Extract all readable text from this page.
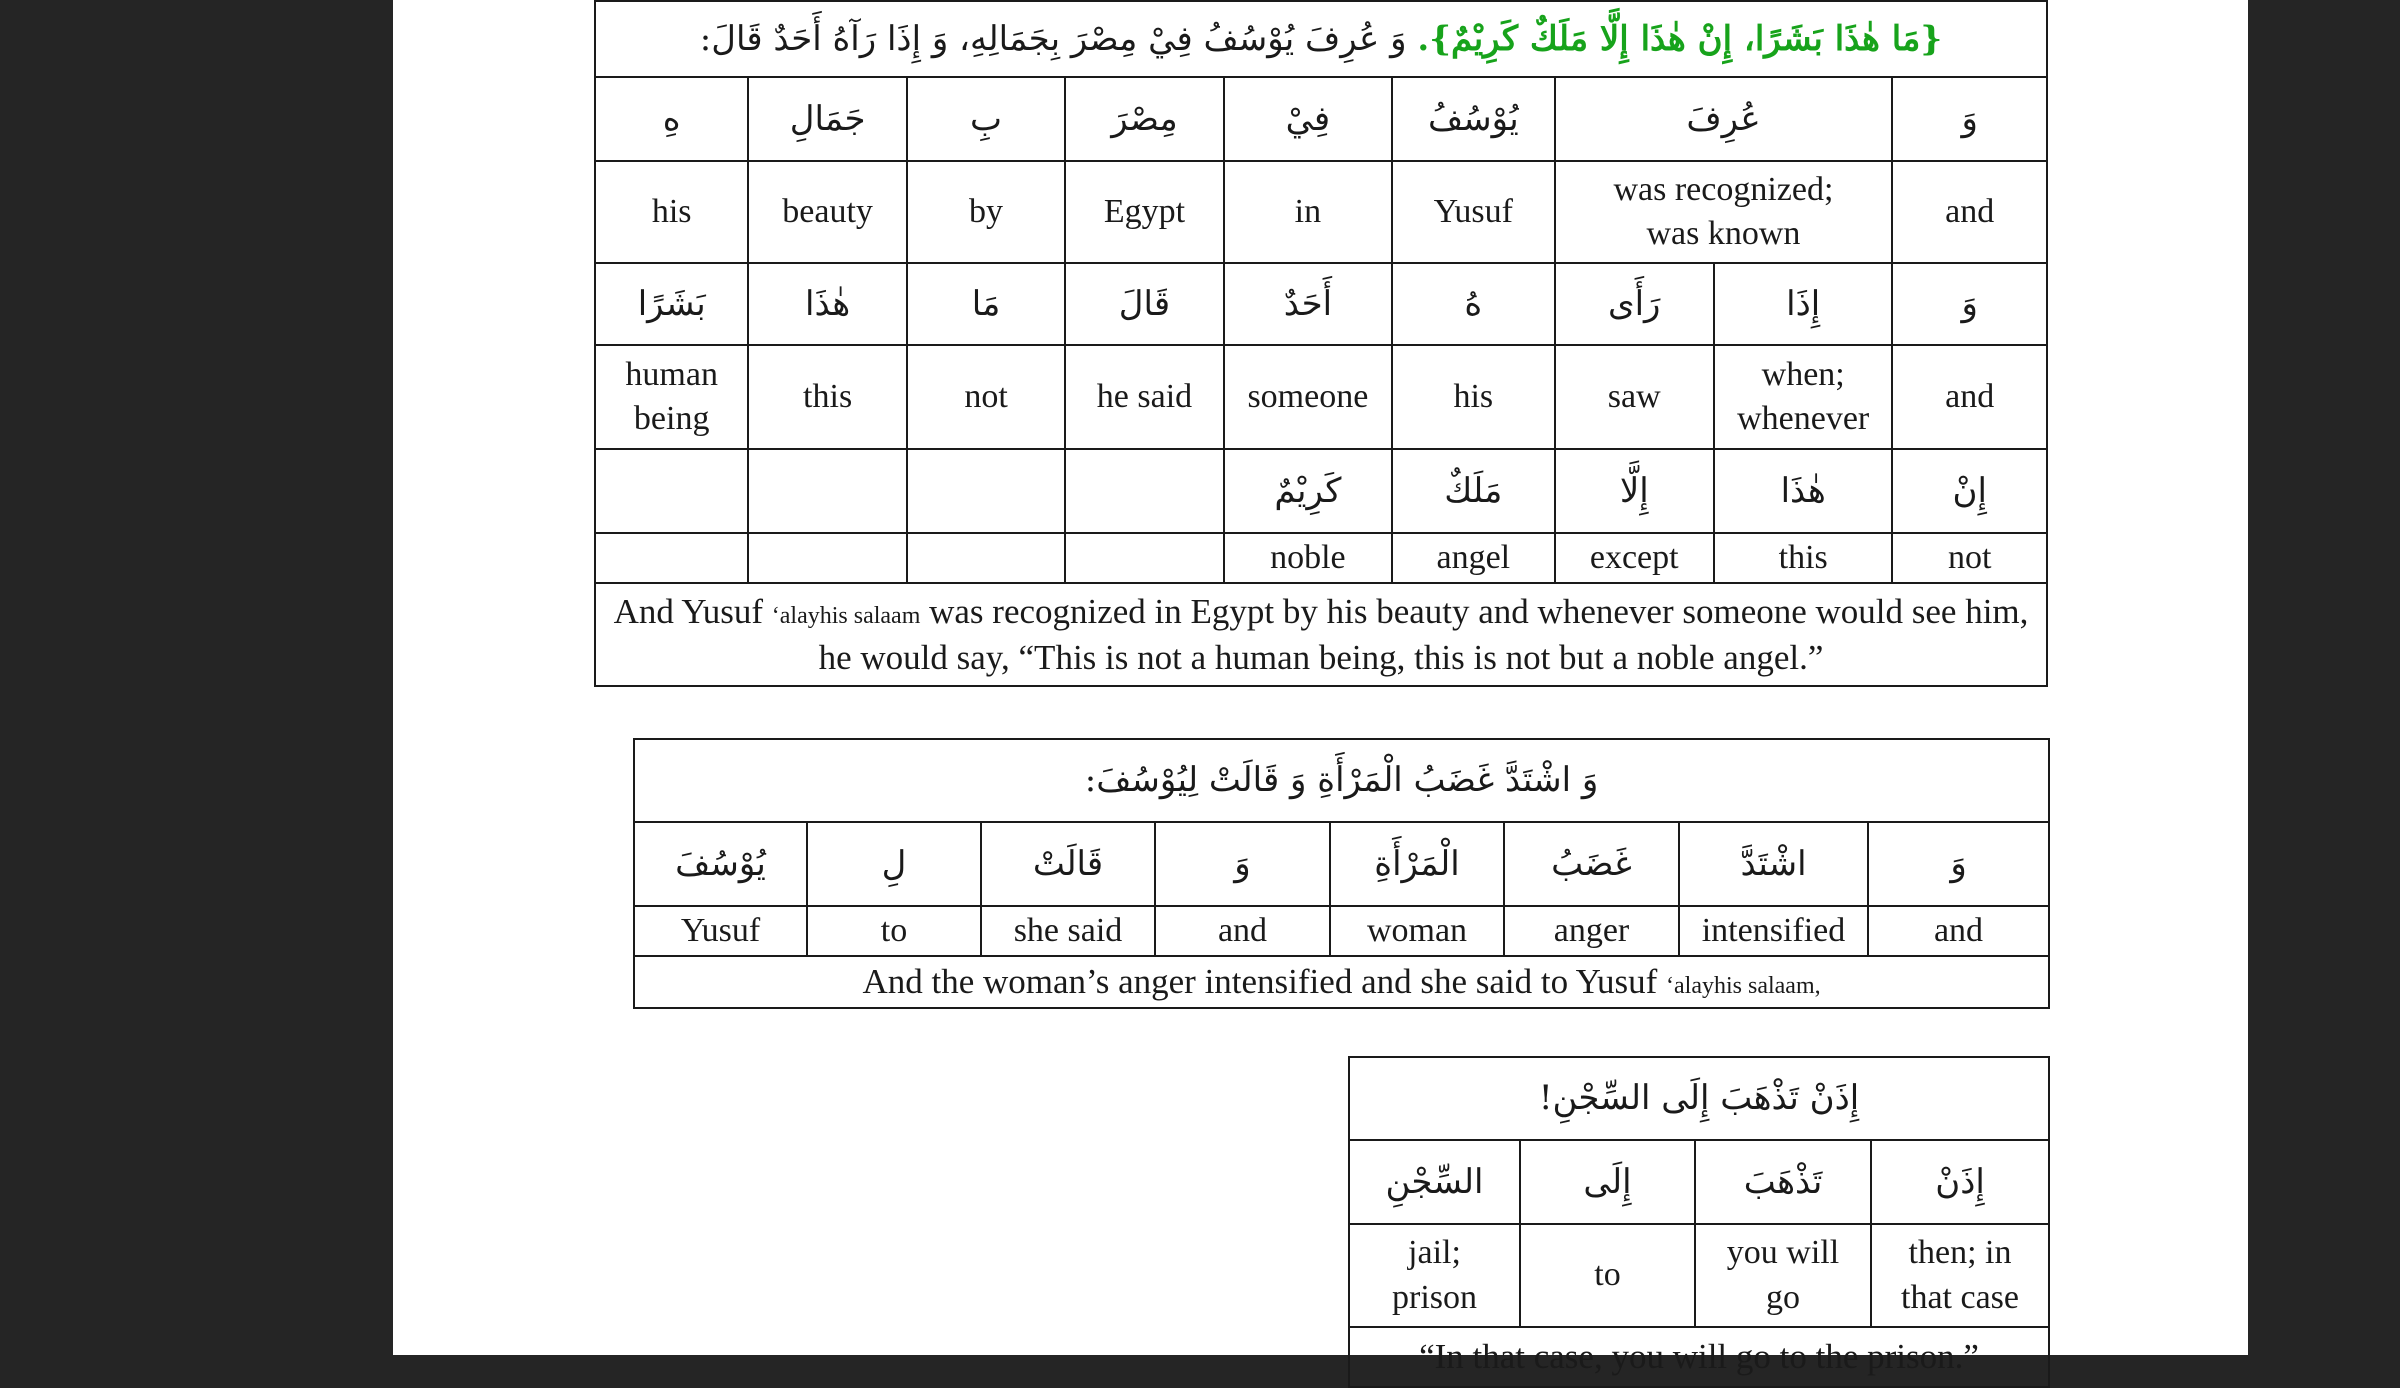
وَ عُرِفَ يُوْسُفُ فِيْ مِصْرَ بِجَمَالِهِ، وَ إِذَا رَآهُ أَحَدٌ قَالَ: {مَا هٰذَا بَشَرًا، إِنْ هٰذَا إِلَّا مَلَكٌ كَرِيْمٌ}.								
هِ	جَمَالِ	بِ	مِصْرَ	فِيْ	يُوْسُفُ	عُرِفَ		وَ
his	beauty	by	Egypt	in	Yusuf	was recognized; was known		and
بَشَرًا	هٰذَا	مَا	قَالَ	أَحَدٌ	هُ	رَأَى	إِذَا	وَ
human being	this	not	he said	someone	his	saw	when; whenever	and
				كَرِيْمٌ	مَلَكٌ	إِلَّا	هٰذَا	إِنْ
				noble	angel	except	this	not
And Yusuf ‘alayhis salaam was recognized in Egypt by his beauty and whenever someone would see him, he would say, “This is not a human being, this is not but a noble angel.”								
وَ اشْتَدَّ غَضَبُ الْمَرْأَةِ وَ قَالَتْ لِيُوْسُفَ:							
يُوْسُفَ	لِ	قَالَتْ	وَ	الْمَرْأَةِ	غَضَبُ	اشْتَدَّ	وَ
Yusuf	to	she said	and	woman	anger	intensified	and
And the woman’s anger intensified and she said to Yusuf ‘alayhis salaam,							
إِذَنْ تَذْهَبَ إِلَى السِّجْنِ!			
السِّجْنِ	إِلَى	تَذْهَبَ	إِذَنْ
jail; prison	to	you will go	then; in that case
“In that case, you will go to the prison.”			
